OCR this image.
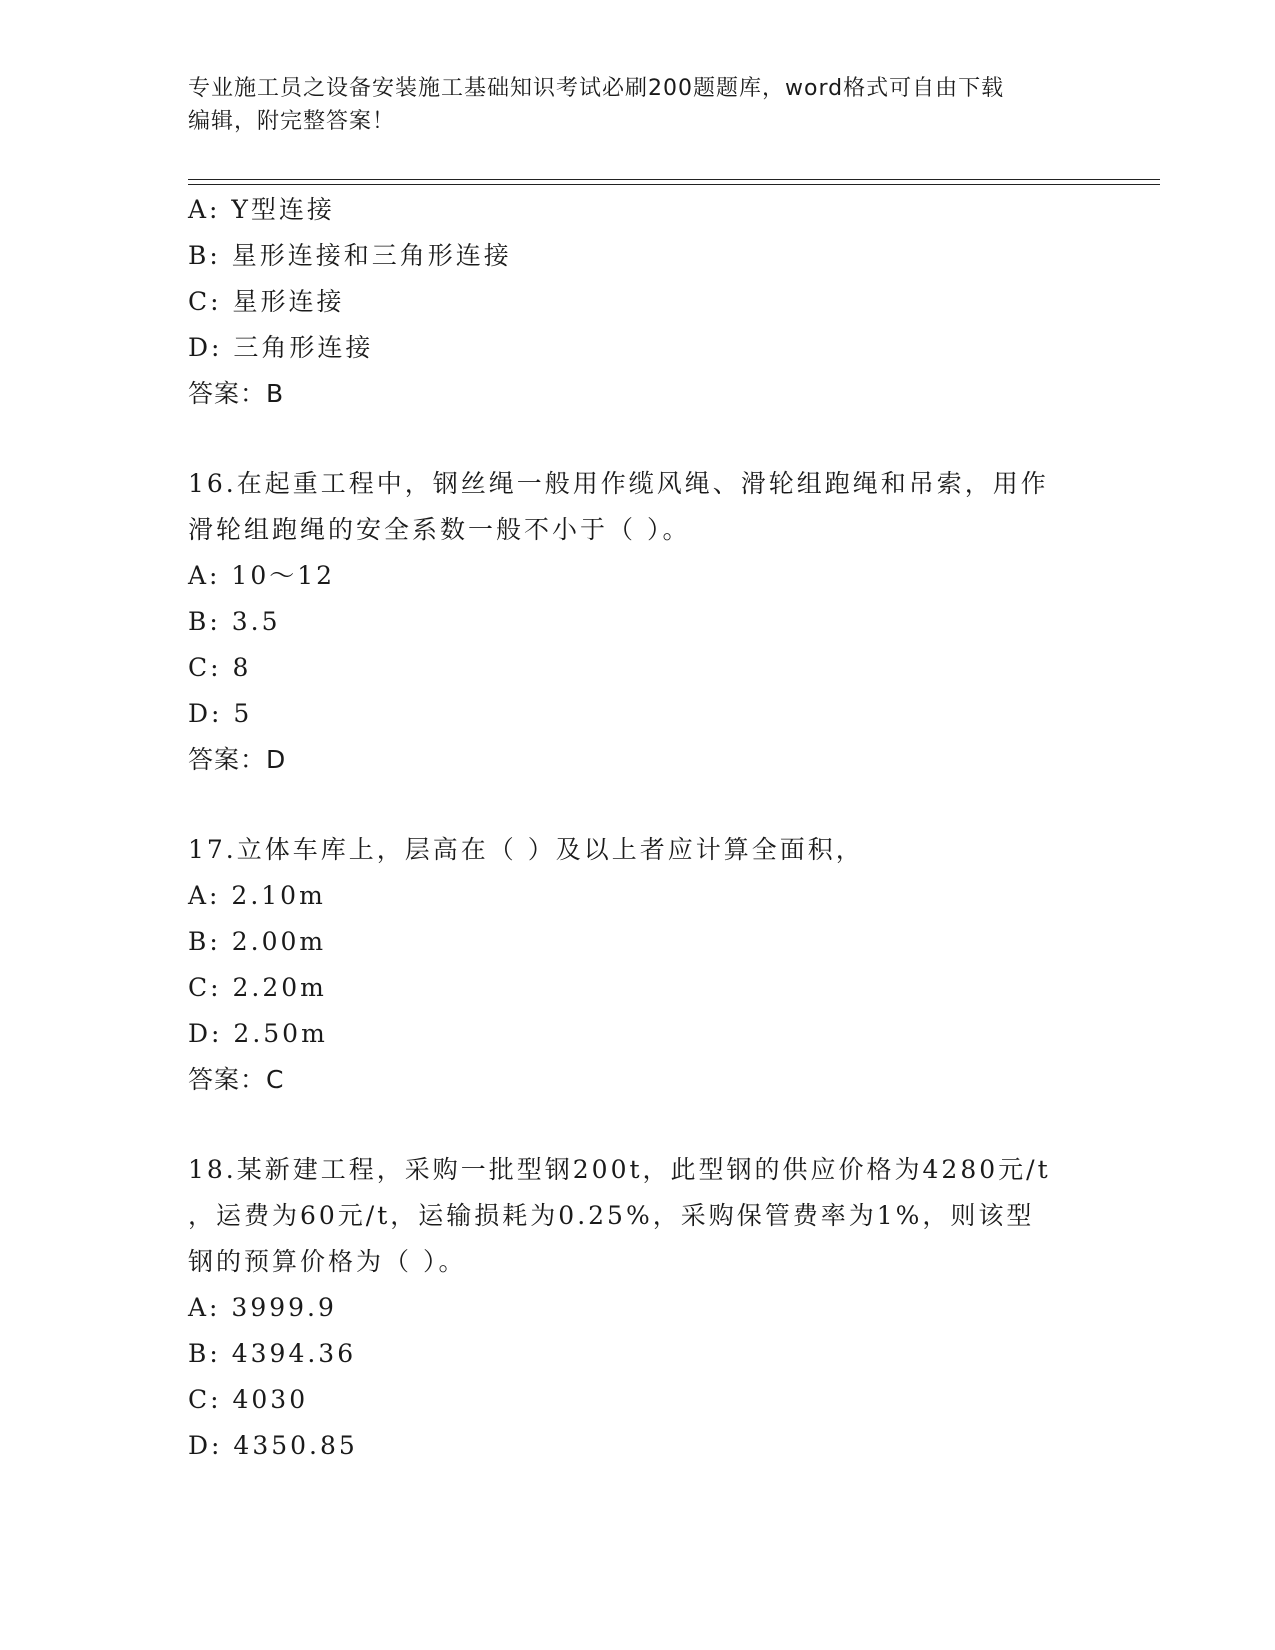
专业施工员之设备安装施工基础知识考试必刷200题题库，word格式可自由下载
编辑，附完整答案！
A: Y型连接
B: 星形连接和三角形连接
C: 星形连接
D: 三角形连接
答案：B
16.在起重工程中，钢丝绳一般用作缆风绳、滑轮组跑绳和吊索，用作
滑轮组跑绳的安全系数一般不小于（ ）。
A: 10～12
B: 3.5
C: 8
D: 5
答案：D
17.立体车库上，层高在（ ）及以上者应计算全面积，
A: 2.10m
B: 2.00m
C: 2.20m
D: 2.50m
答案：C
18.某新建工程，采购一批型钢200t，此型钢的供应价格为4280元/t
，运费为60元/t，运输损耗为0.25%，采购保管费率为1%，则该型
钢的预算价格为（ ）。
A: 3999.9
B: 4394.36
C: 4030
D: 4350.85
